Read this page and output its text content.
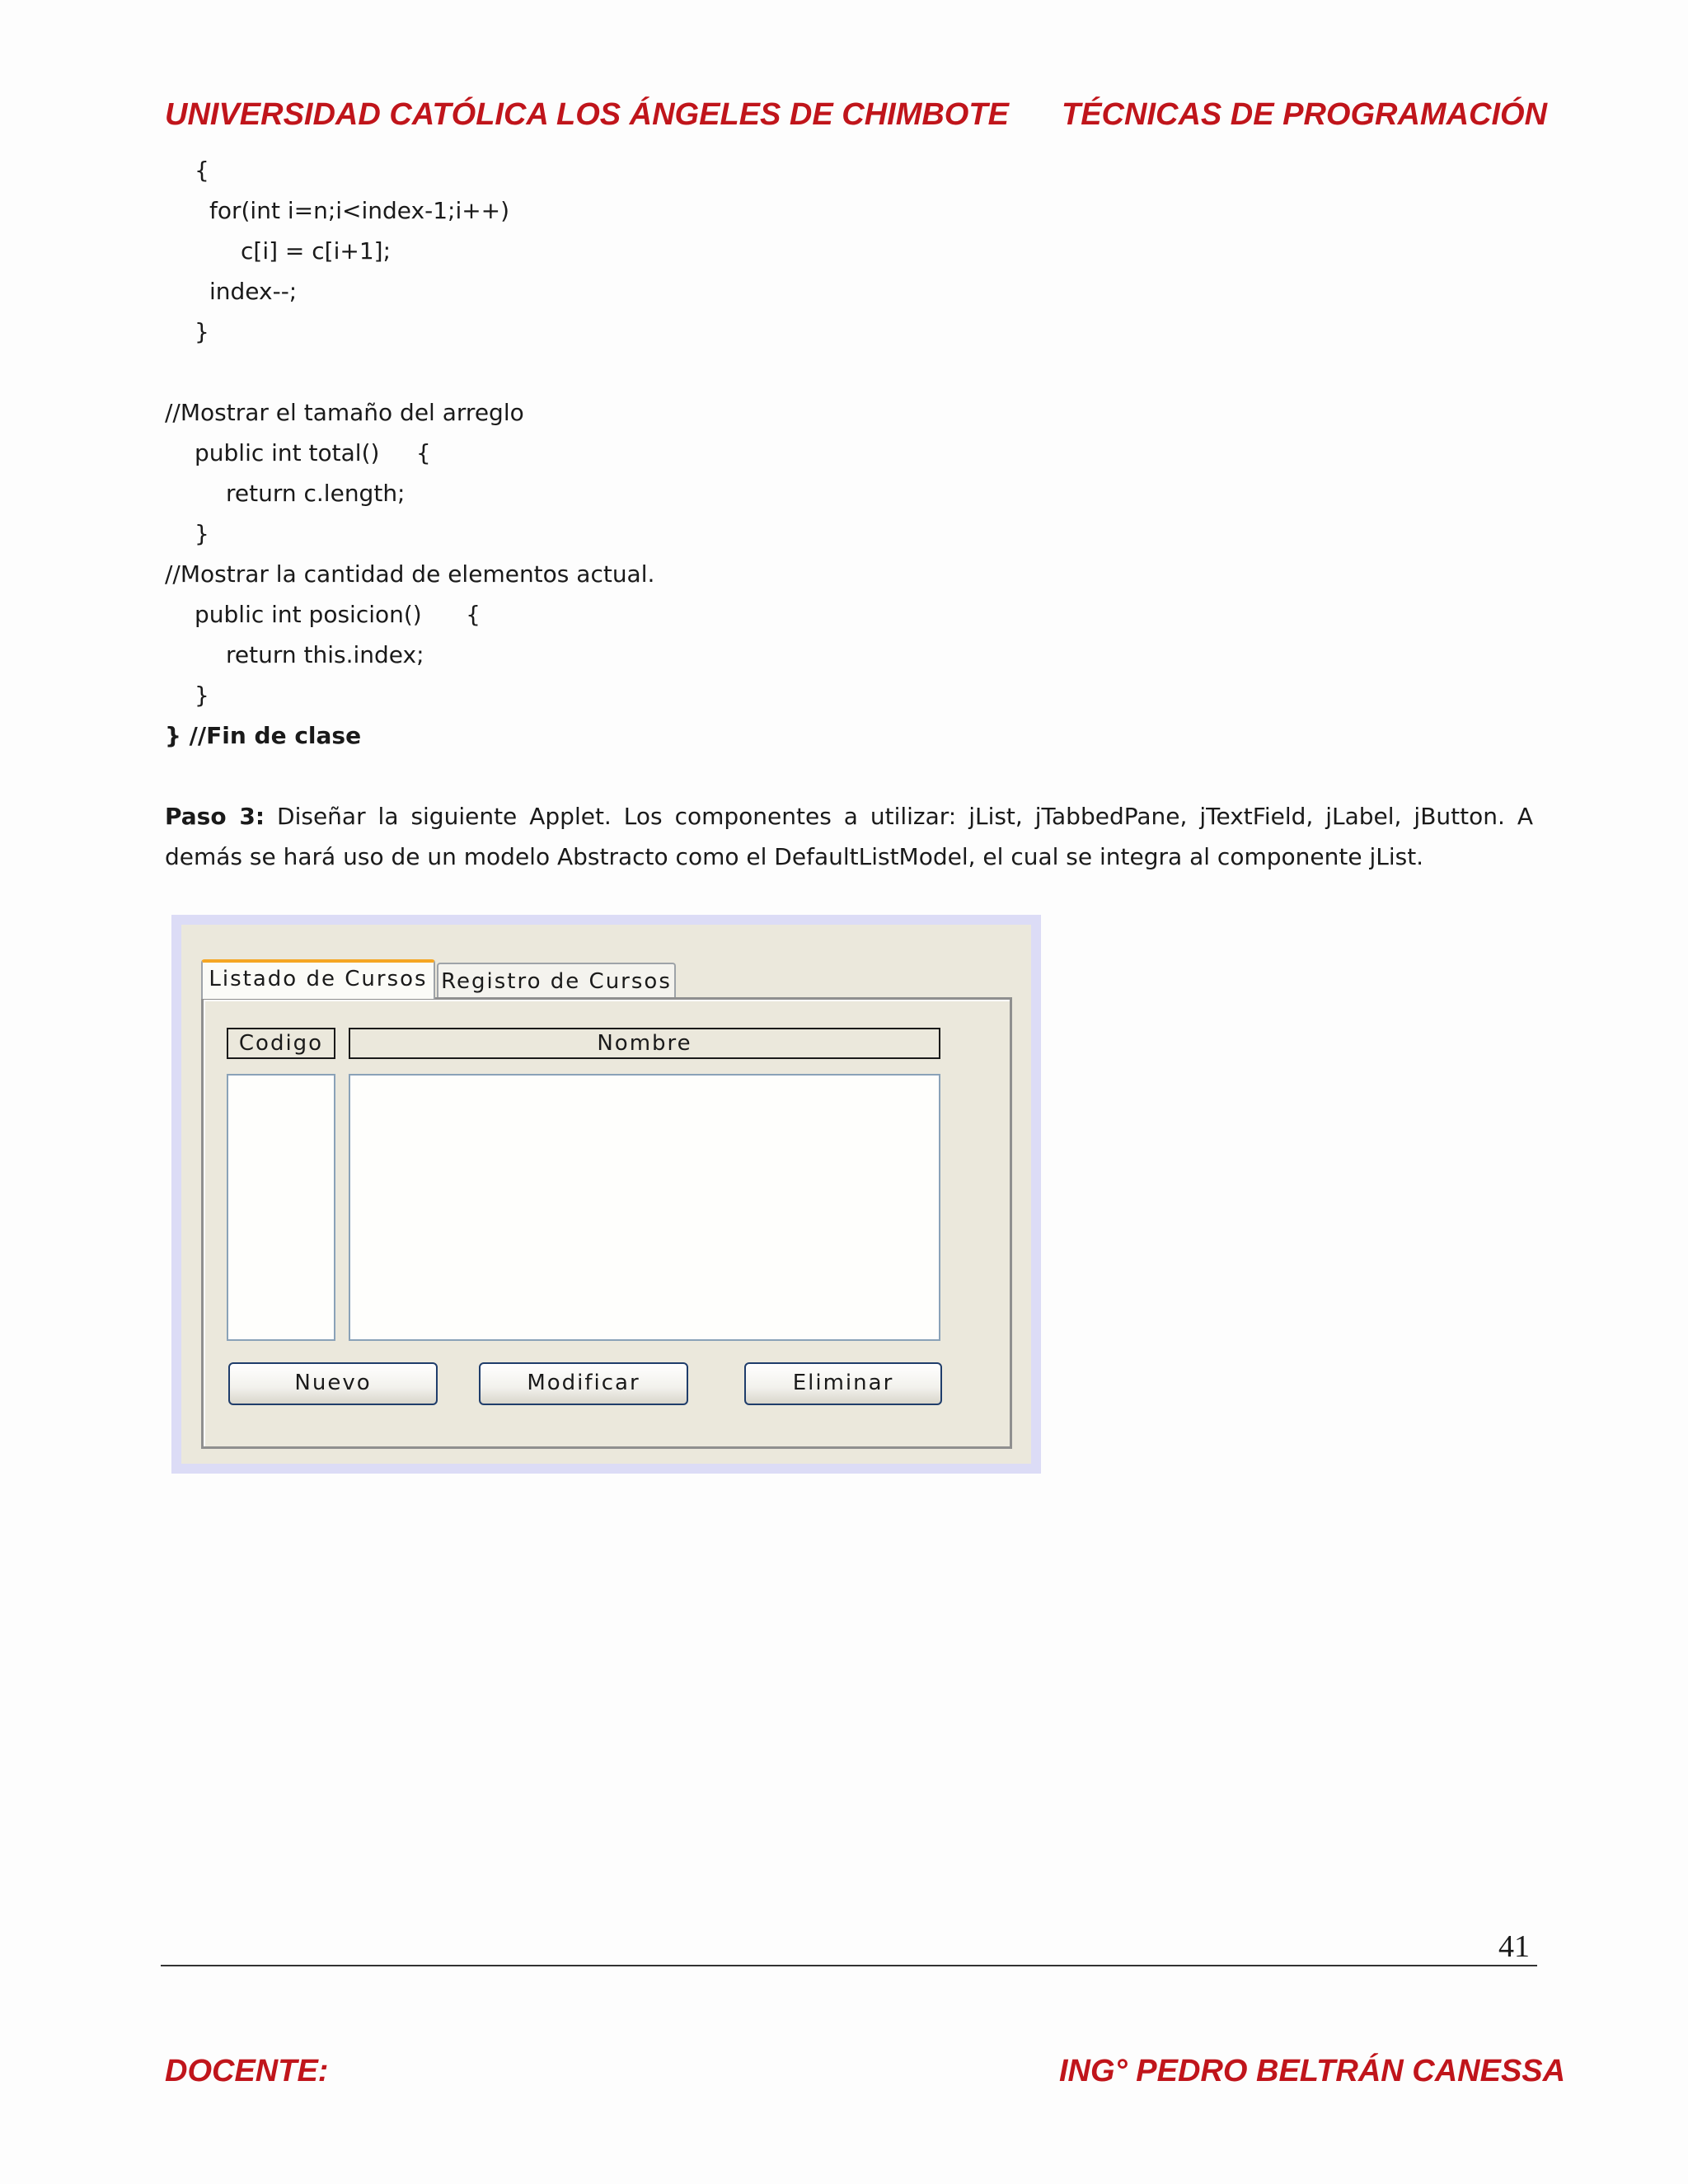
UNIVERSIDAD CATÓLICA LOS ÁNGELES DE CHIMBOTE TÉCNICAS DE PROGRAMACIÓN
{
for(int i=n;i<index-1;i++)
c[i] = c[i+1];
index--;
}
//Mostrar el tamaño del arreglo
public int total()     {
return c.length;
}
//Mostrar la cantidad de elementos actual.
public int posicion()      {
return this.index;
}
} //Fin de clase
Paso 3: Diseñar la siguiente Applet. Los componentes a utilizar: jList, jTabbedPane, jTextField, jLabel, jButton. A demás se hará uso de un modelo Abstracto como el DefaultListModel, el cual se integra al componente jList.
Listado de Cursos Registro de Cursos
Codigo	Nombre
Nuevo	Modificar	Eliminar
41
DOCENTE:	ING° PEDRO BELTRÁN CANESSA
